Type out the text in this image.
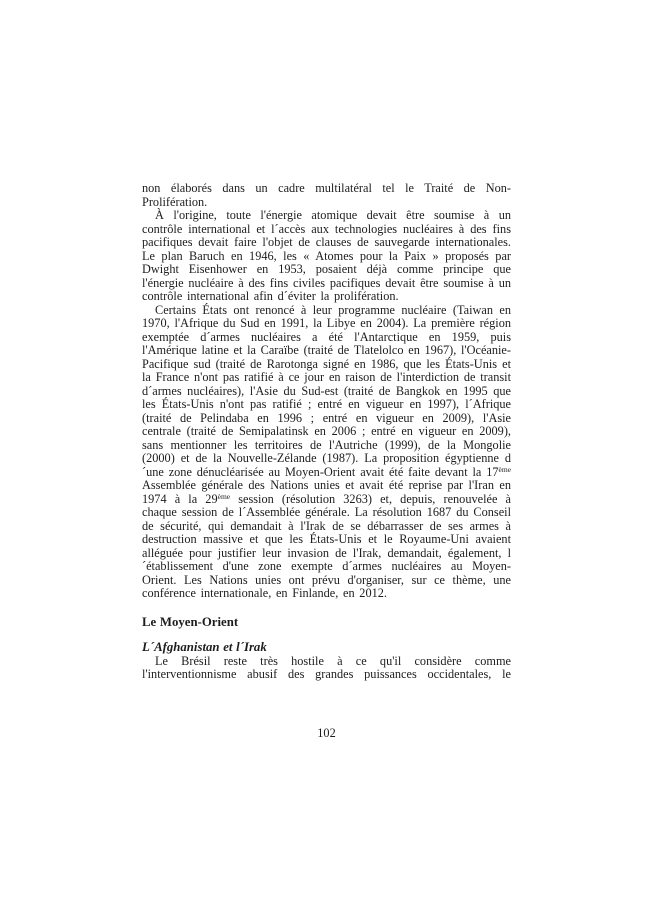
non élaborés dans un cadre multilatéral tel le Traité de Non-Prolifération.

À l'origine, toute l'énergie atomique devait être soumise à un contrôle international et l´accès aux technologies nucléaires à des fins pacifiques devait faire l'objet de clauses de sauvegarde internationales. Le plan Baruch en 1946, les « Atomes pour la Paix » proposés par Dwight Eisenhower en 1953, posaient déjà comme principe que l'énergie nucléaire à des fins civiles pacifiques devait être soumise à un contrôle international afin d´éviter la prolifération.

Certains États ont renoncé à leur programme nucléaire (Taiwan en 1970, l'Afrique du Sud en 1991, la Libye en 2004). La première région exemptée d´armes nucléaires a été l'Antarctique en 1959, puis l'Amérique latine et la Caraïbe (traité de Tlatelolco en 1967), l'Océanie-Pacifique sud (traité de Rarotonga signé en 1986, que les États-Unis et la France n'ont pas ratifié à ce jour en raison de l'interdiction de transit d´armes nucléaires), l'Asie du Sud-est (traité de Bangkok en 1995 que les États-Unis n'ont pas ratifié ; entré en vigueur en 1997), l´Afrique (traité de Pelindaba en 1996 ; entré en vigueur en 2009), l'Asie centrale (traité de Semipalatinsk en 2006 ; entré en vigueur en 2009), sans mentionner les territoires de l'Autriche (1999), de la Mongolie (2000) et de la Nouvelle-Zélande (1987). La proposition égyptienne d´une zone dénucléarisée au Moyen-Orient avait été faite devant la 17ème Assemblée générale des Nations unies et avait été reprise par l'Iran en 1974 à la 29ème session (résolution 3263) et, depuis, renouvelée à chaque session de l´Assemblée générale. La résolution 1687 du Conseil de sécurité, qui demandait à l'Irak de se débarrasser de ses armes à destruction massive et que les États-Unis et le Royaume-Uni avaient alléguée pour justifier leur invasion de l'Irak, demandait, également, l´établissement d'une zone exempte d´armes nucléaires au Moyen-Orient. Les Nations unies ont prévu d'organiser, sur ce thème, une conférence internationale, en Finlande, en 2012.

Le Moyen-Orient

L´Afghanistan et l´Irak

Le Brésil reste très hostile à ce qu'il considère comme l'interventionnisme abusif des grandes puissances occidentales, le

102
